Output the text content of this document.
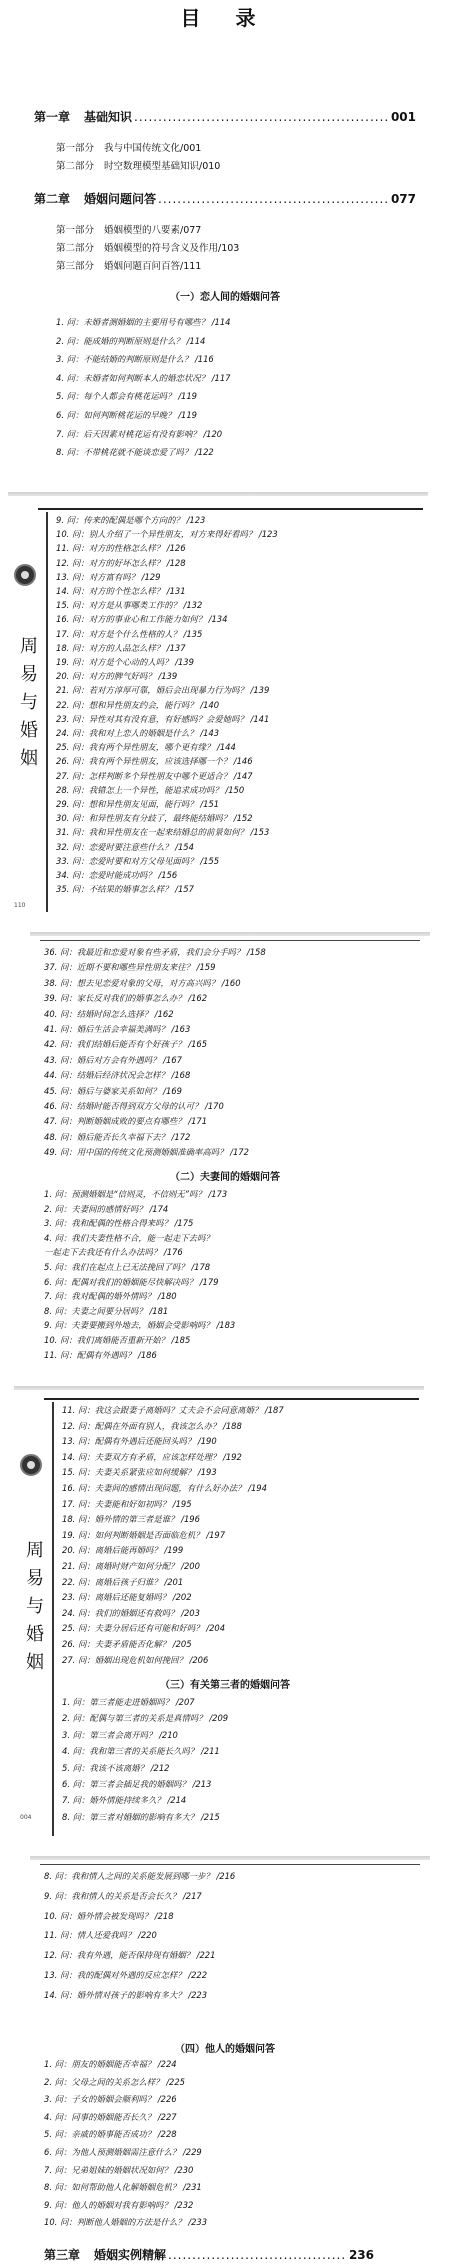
目 录
第一章 基础知识 .....	001
第一部分 我与中国传统文化/001
第二部分 时空数理模型基础知识/010
第二章 婚姻问题问答 .....	077
第一部分 婚姻模型的八要素/077
第二部分 婚姻模型的符号含义及作用/103
第三部分 婚姻问题百问百答/111
（一）恋人间的婚姻问答
1. 问：未婚者测婚姻的主要用号有哪些？ /114
2. 问：能成婚的判断原则是什么？ /114
3. 问：不能结婚的判断原则是什么？ /116
4. 问：未婚者如何判断本人的婚恋状况？ /117
5. 问：每个人都会有桃花运吗？ /119
6. 问：如何判断桃花运的早晚？ /119
7. 问：后天因素对桃花运有没有影响？ /120
8. 问：不带桃花就不能谈恋爱了吗？ /122
周易与婚姻
110
9. 问：传来的配偶是哪个方向的？ /123
10. 问：别人介绍了一个异性朋友，对方来得好看吗？ /123
11. 问：对方的性格怎么样？ /126
12. 问：对方的好坏怎么样？ /128
13. 问：对方富有吗？ /129
14. 问：对方的个性怎么样？ /131
15. 问：对方是从事哪类工作的？ /132
16. 问：对方的事业心和工作能力如何？ /134
17. 问：对方是个什么性格的人？ /135
18. 问：对方的人品怎么样？ /137
19. 问：对方是个心动的人吗？ /139
20. 问：对方的脾气好吗？ /139
21. 问：若对方淳厚可靠，婚后会出现暴力行为吗？ /139
22. 问：想和异性朋友约会，能行吗？ /140
23. 问：异性对其有没有意，有好感吗？会爱她吗？ /141
24. 问：我和对上恋人的婚姻是什么？ /143
25. 问：我有两个异性朋友，哪个更有缘？ /144
26. 问：我有两个异性朋友，应该选择哪一个？ /146
27. 问：怎样判断多个异性朋友中哪个更适合？ /147
28. 问：我错怎上一个异性，能追求成功吗？ /150
29. 问：想和异性朋友见面，能行吗？ /151
30. 问：和异性朋友有分歧了，最终能结婚吗？ /152
31. 问：我和异性朋友在一起来结婚总的前景如何？ /153
32. 问：恋爱时要注意些什么？ /154
33. 问：恋爱时要和对方父母见面吗？ /155
34. 问：恋爱时能成功吗？ /156
35. 问：不结果的婚事怎么样？ /157
36. 问：我最近和恋爱对象有些矛盾，我们会分手吗？ /158
37. 问：近期不要和哪些异性朋友来往？ /159
38. 问：想去见恋爱对象的父母，对方高兴吗？ /160
39. 问：家长反对我们的婚事怎么办？ /162
40. 问：结婚时间怎么选择？ /162
41. 问：婚后生活会幸福美满吗？ /163
42. 问：我们结婚后能否有个好孩子？ /165
43. 问：婚后对方会有外遇吗？ /167
44. 问：结婚后经济状况会怎样？ /168
45. 问：婚后与婆家关系如何？ /169
46. 问：结婚时能否得到双方父母的认可？ /170
47. 问：判断婚姻成败的要点有哪些？ /171
48. 问：婚后能否长久幸福下去？ /172
49. 问：用中国的传统文化预测婚姻准确率高吗？ /172
（二）夫妻间的婚姻问答
1. 问：预测婚姻是“信则灵，不信则无”吗？ /173
2. 问：夫妻间的感情好吗？ /174
3. 问：我和配偶的性格合得来吗？ /175
4. 问：我们夫妻性格不合，能一起走下去吗？
一起走下去我还有什么办法吗？ /176
5. 问：我们在起点上已无法挽回了吗？ /178
6. 问：配偶对我们的婚姻能尽快解决吗？ /179
7. 问：我对配偶的婚外情吗？ /180
8. 问：夫妻之间要分居吗？ /181
9. 问：夫妻要搬到外地去，婚姻会受影响吗？ /183
10. 问：我们离婚能否重新开始？ /185
11. 问：配偶有外遇吗？ /186
周易与婚姻
004
11. 问：我这会跟妻子离婚吗？丈夫会不会同意离婚？ /187
12. 问：配偶在外面有别人，我该怎么办？ /188
13. 问：配偶有外遇后还能回头吗？ /190
14. 问：夫妻双方有矛盾，应该怎样处理？ /192
15. 问：夫妻关系紧张应如何缓解？ /193
16. 问：夫妻间的感情出现问题，有什么好办法？ /194
17. 问：夫妻能和好如初吗？ /195
18. 问：婚外情的第三者是谁？ /196
19. 问：如何判断婚姻是否面临危机？ /197
20. 问：离婚后能再婚吗？ /199
21. 问：离婚时财产如何分配？ /200
22. 问：离婚后孩子归谁？ /201
23. 问：离婚后还能复婚吗？ /202
24. 问：我们的婚姻还有救吗？ /203
25. 问：夫妻分居后还有可能和好吗？ /204
26. 问：夫妻矛盾能否化解？ /205
27. 问：婚姻出现危机如何挽回？ /206
（三）有关第三者的婚姻问答
1. 问：第三者能走进婚姻吗？ /207
2. 问：配偶与第三者的关系是真情吗？ /209
3. 问：第三者会离开吗？ /210
4. 问：我和第三者的关系能长久吗？ /211
5. 问：我该不该离婚？ /212
6. 问：第三者会插足我的婚姻吗？ /213
7. 问：婚外情能持续多久？ /214
8. 问：第三者对婚姻的影响有多大？ /215
8. 问：我和情人之间的关系能发展到哪一步？ /216
9. 问：我和情人的关系是否会长久？ /217
10. 问：婚外情会被发现吗？ /218
11. 问：情人还爱我吗？ /220
12. 问：我有外遇，能否保持现有婚姻？ /221
13. 问：我的配偶对外遇的反应怎样？ /222
14. 问：婚外情对孩子的影响有多大？ /223
（四）他人的婚姻问答
1. 问：朋友的婚姻能否幸福？ /224
2. 问：父母之间的关系怎么样？ /225
3. 问：子女的婚姻会顺利吗？ /226
4. 问：同事的婚姻能否长久？ /227
5. 问：亲戚的婚事能否成功？ /228
6. 问：为他人预测婚姻需注意什么？ /229
7. 问：兄弟姐妹的婚姻状况如何？ /230
8. 问：如何帮助他人化解婚姻危机？ /231
9. 问：他人的婚姻对我有影响吗？ /232
10. 问：判断他人婚姻的方法是什么？ /233
第三章 婚姻实例精解 .....	236
